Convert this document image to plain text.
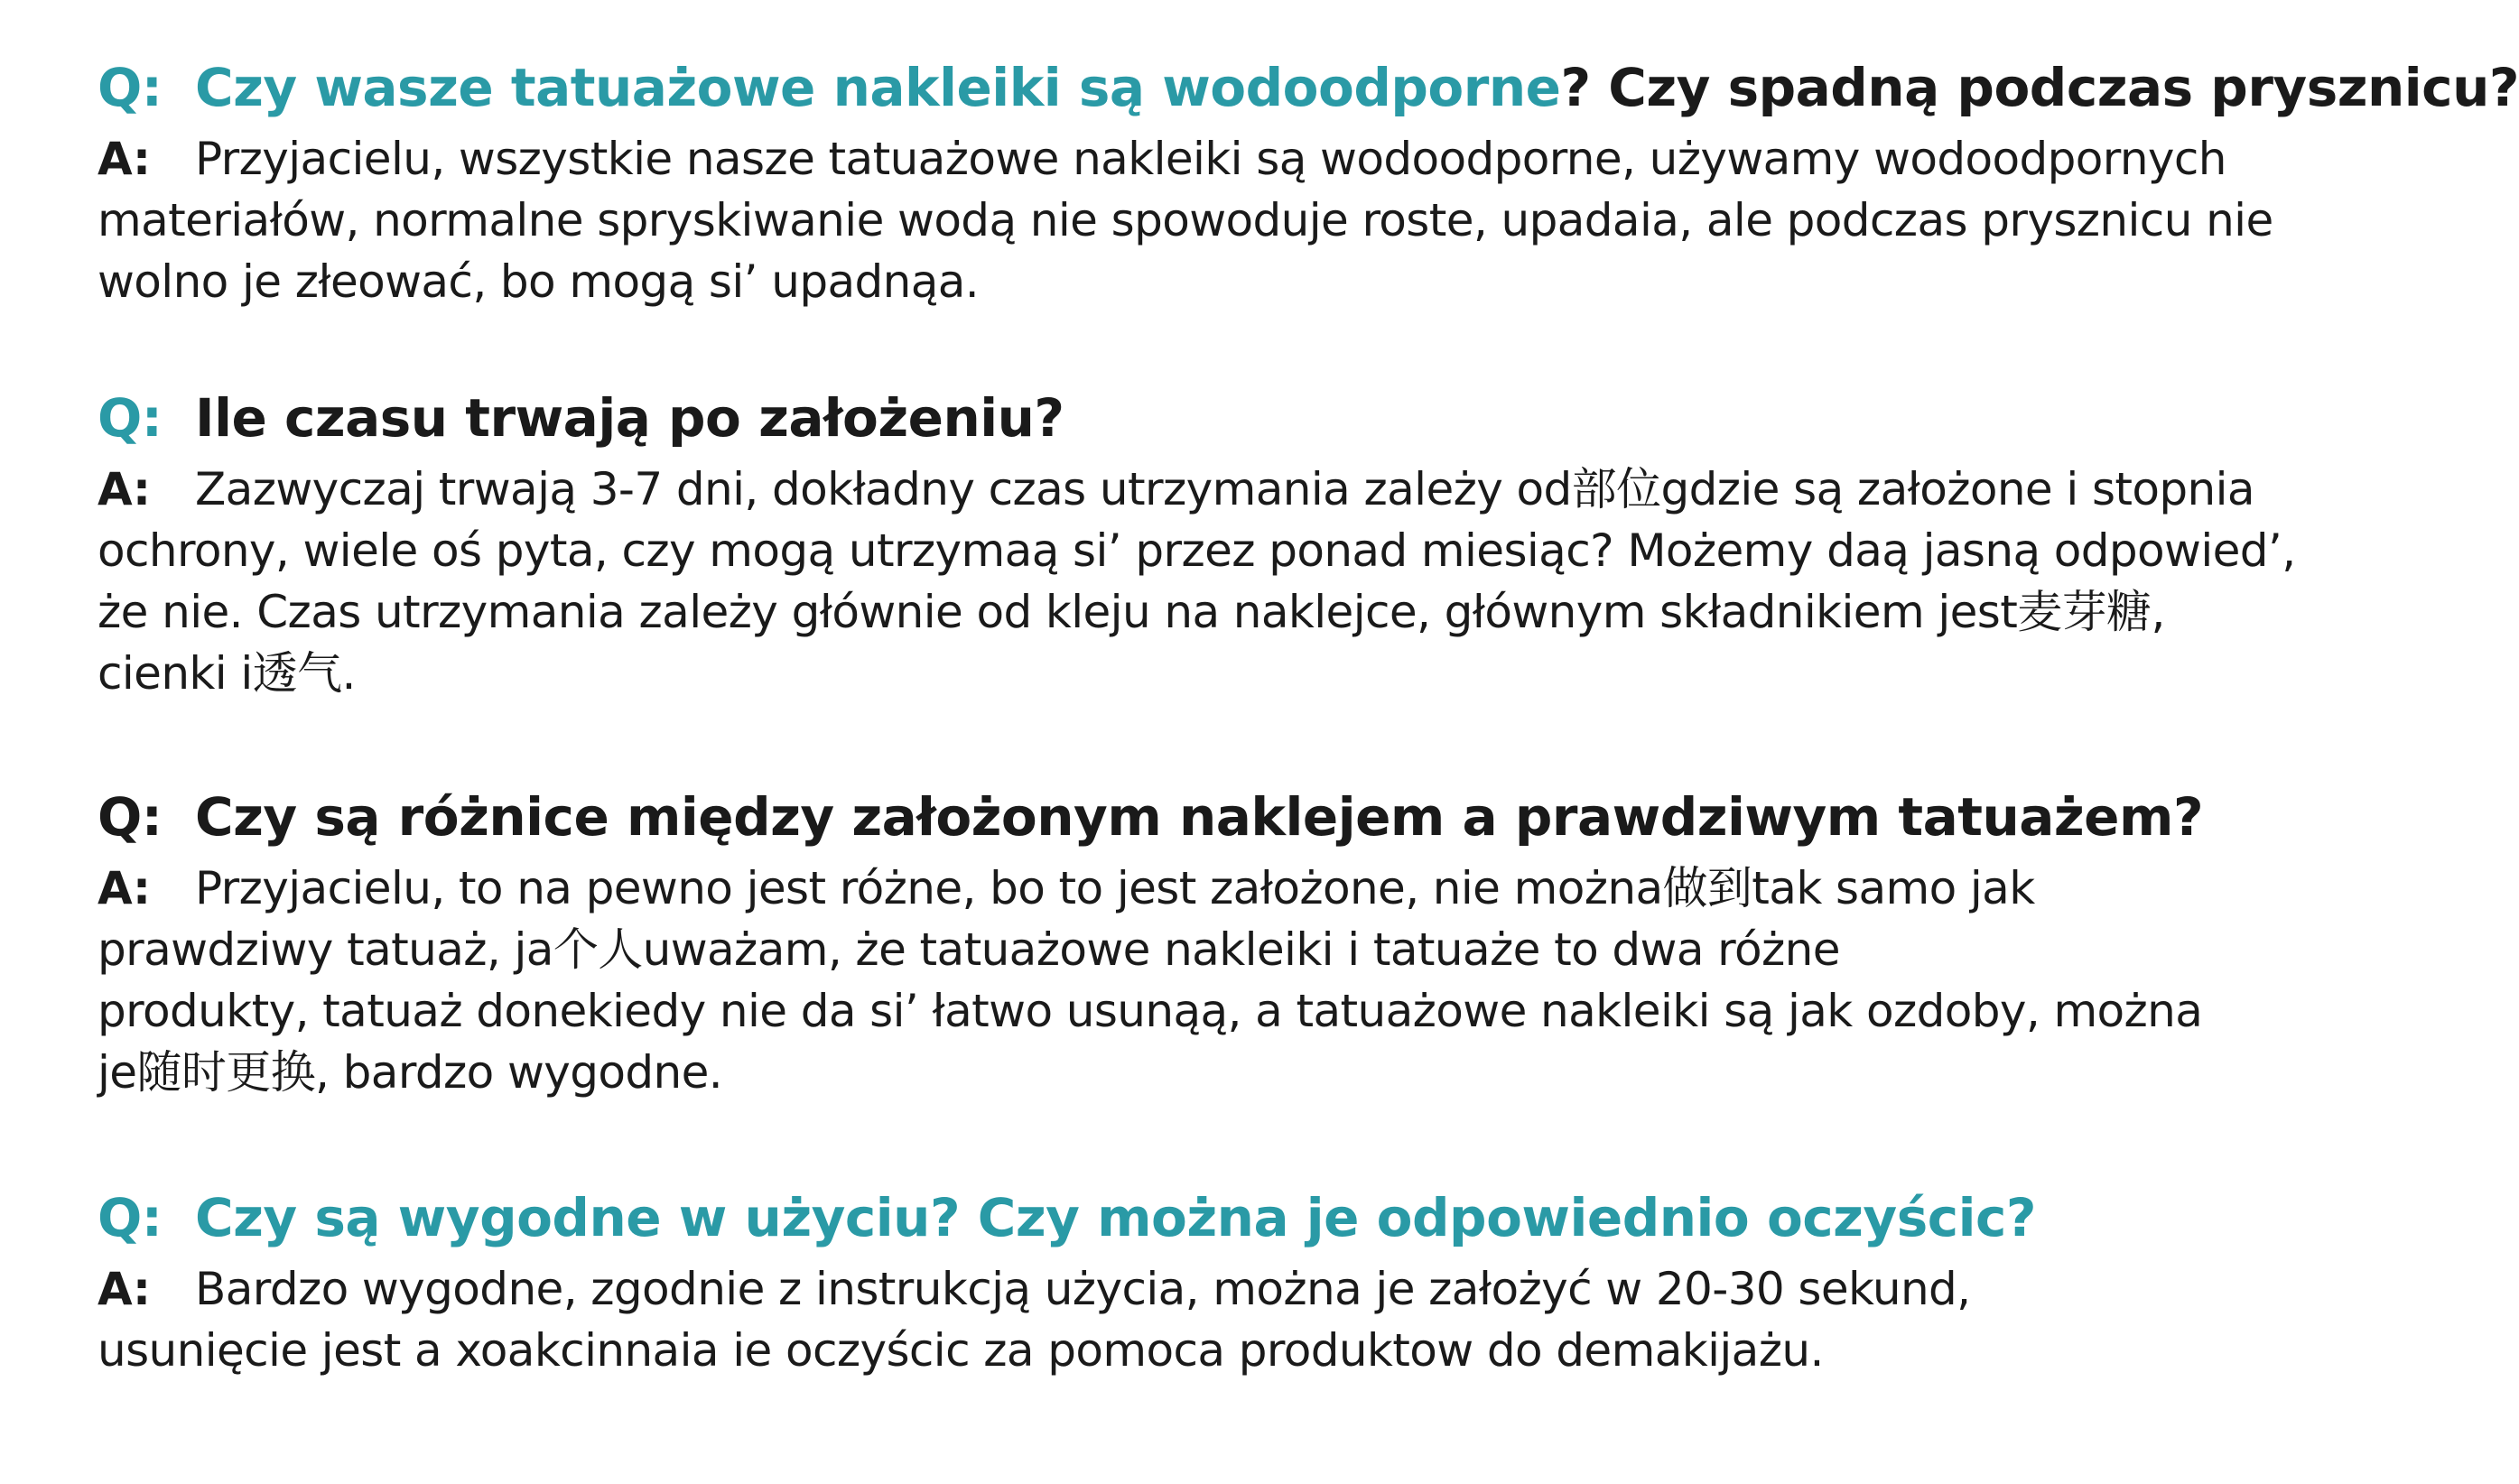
Q: Czy wasze tatuażowe nakleiki są wodoodporne? Czy spadną podczas prysznicu?
A: Przyjacielu, wszystkie nasze tatuażowe nakleiki są wodoodporne, używamy wodoodpornych
materiałów, normalne spryskiwanie wodą nie spowoduje roste, upadaia, ale podczas prysznicu nie
wolno je złeować, bo mogą si’ upadnąa.
Q: Ile czasu trwają po założeniu?
A: Zazwyczaj trwają 3-7 dni, dokładny czas utrzymania zależy od部位gdzie są założone i stopnia
ochrony, wiele oś pyta, czy mogą utrzymaą si’ przez ponad miesiąc? Możemy daą jasną odpowied’,
że nie. Czas utrzymania zależy głównie od kleju na naklejce, głównym składnikiem jest麦芽糖,
cienki i透气.
Q: Czy są różnice między założonym naklejem a prawdziwym tatuażem?
A: Przyjacielu, to na pewno jest różne, bo to jest założone, nie można做到tak samo jak
prawdziwy tatuaż, ja个人uważam, że tatuażowe nakleiki i tatuaże to dwa różne
produkty, tatuaż donekiedy nie da si’ łatwo usunąą, a tatuażowe nakleiki są jak ozdoby, można
je随时更换, bardzo wygodne.
Q: Czy są wygodne w użyciu? Czy można je odpowiednio oczyścic?
A: Bardzo wygodne, zgodnie z instrukcją użycia, można je założyć w 20-30 sekund,
usunięcie jest a xoakcinnaia ie oczyścic za pomoca produktow do demakijażu.
